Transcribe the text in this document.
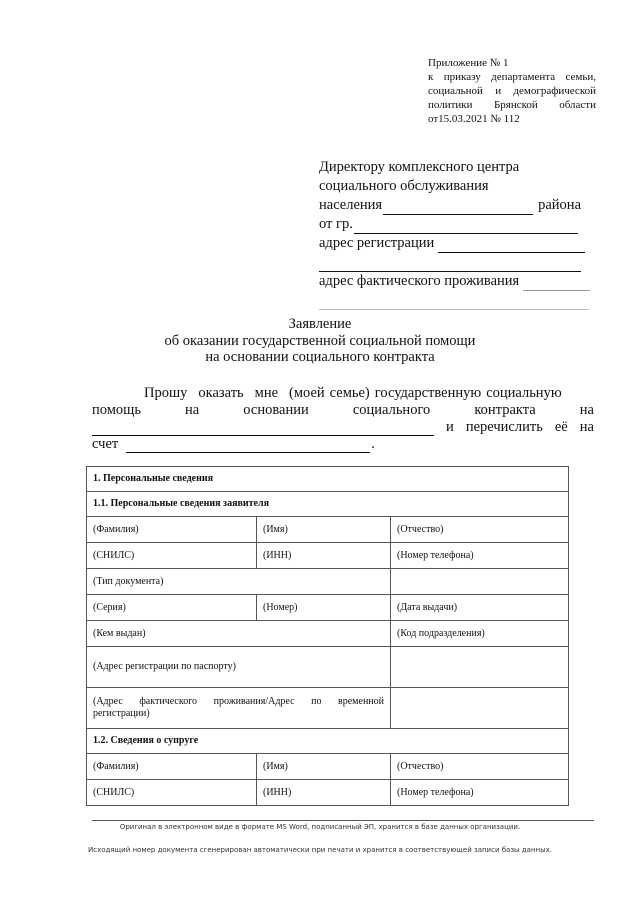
Приложение № 1
к приказу департамента семьи,
социальной и демографической
политики Брянской области
от15.03.2021 № 112
Директору комплексного центра
социального обслуживания
населения	района
от гр.
адрес регистрации
адрес фактического проживания
Заявление
об оказании государственной социальной помощи
на основании социального контракта
Прошу оказать мне (моей семье) государственную социальную
помощь	на	основании	социального	контракта	на
и перечислить её на
счет	.
1. Персональные сведения		
1.1. Персональные сведения заявителя		
(Фамилия)	(Имя)	(Отчество)
(СНИЛС)	(ИНН)	(Номер телефона)
(Тип документа)		
(Серия)	(Номер)	(Дата выдачи)
(Кем выдан)		(Код подразделения)
(Адрес регистрации по паспорту)		
(Адрес фактического проживания/Адрес по временной
регистрации)		

1.2. Сведения о супруге		
(Фамилия)	(Имя)	(Отчество)
(СНИЛС)	(ИНН)	(Номер телефона)
Оригинал в электронном виде в формате MS Word, подписанный ЭП, хранится в базе данных организации.
Исходящий номер документа сгенерирован автоматически при печати и хранится в соответствующей записи базы данных.
